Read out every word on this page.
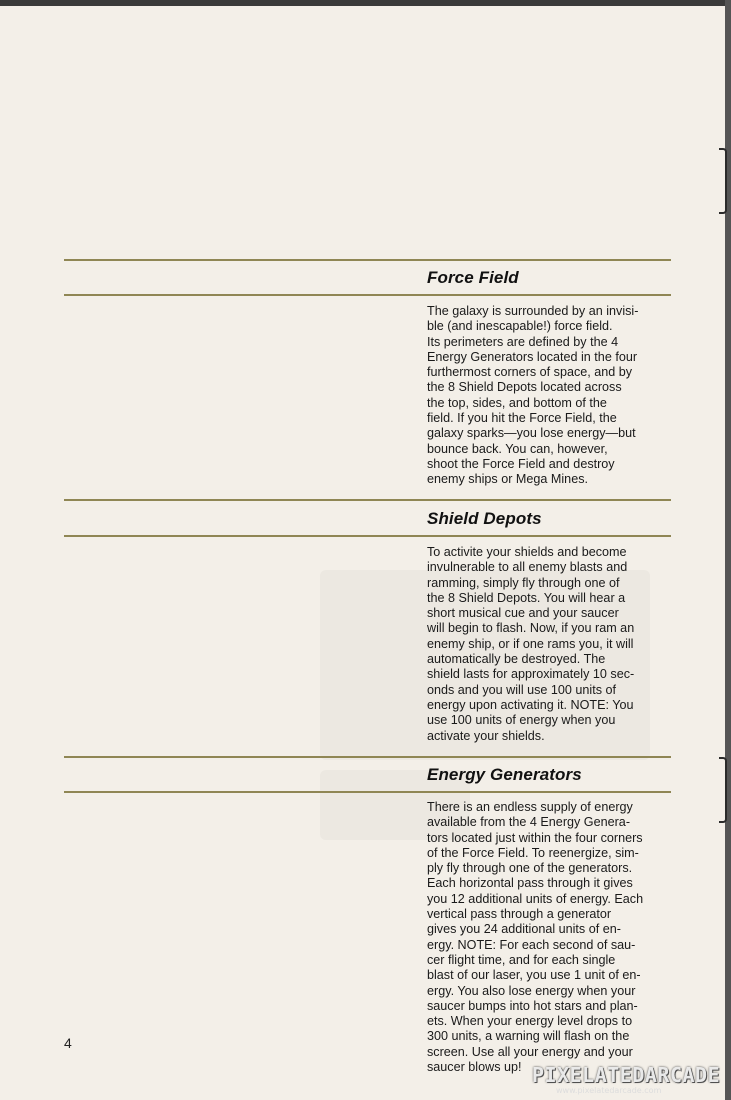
Force Field

The galaxy is surrounded by an invisi-
ble (and inescapable!) force field.
Its perimeters are defined by the 4
Energy Generators located in the four
furthermost corners of space, and by
the 8 Shield Depots located across
the top, sides, and bottom of the
field. If you hit the Force Field, the
galaxy sparks—you lose energy—but
bounce back. You can, however,
shoot the Force Field and destroy
enemy ships or Mega Mines.

Shield Depots

To activite your shields and become
invulnerable to all enemy blasts and
ramming, simply fly through one of
the 8 Shield Depots. You will hear a
short musical cue and your saucer
will begin to flash. Now, if you ram an
enemy ship, or if one rams you, it will
automatically be destroyed. The
shield lasts for approximately 10 sec-
onds and you will use 100 units of
energy upon activating it. NOTE: You
use 100 units of energy when you
activate your shields.

Energy Generators

There is an endless supply of energy
available from the 4 Energy Genera-
tors located just within the four corners
of the Force Field. To reenergize, sim-
ply fly through one of the generators.
Each horizontal pass through it gives
you 12 additional units of energy. Each
vertical pass through a generator
gives you 24 additional units of en-
ergy. NOTE: For each second of sau-
cer flight time, and for each single
blast of our laser, you use 1 unit of en-
ergy. You also lose energy when your
saucer bumps into hot stars and plan-
ets. When your energy level drops to
300 units, a warning will flash on the
screen. Use all your energy and your
saucer blows up!

4
PIXELATEDARCADE
www.pixelatedarcade.com
